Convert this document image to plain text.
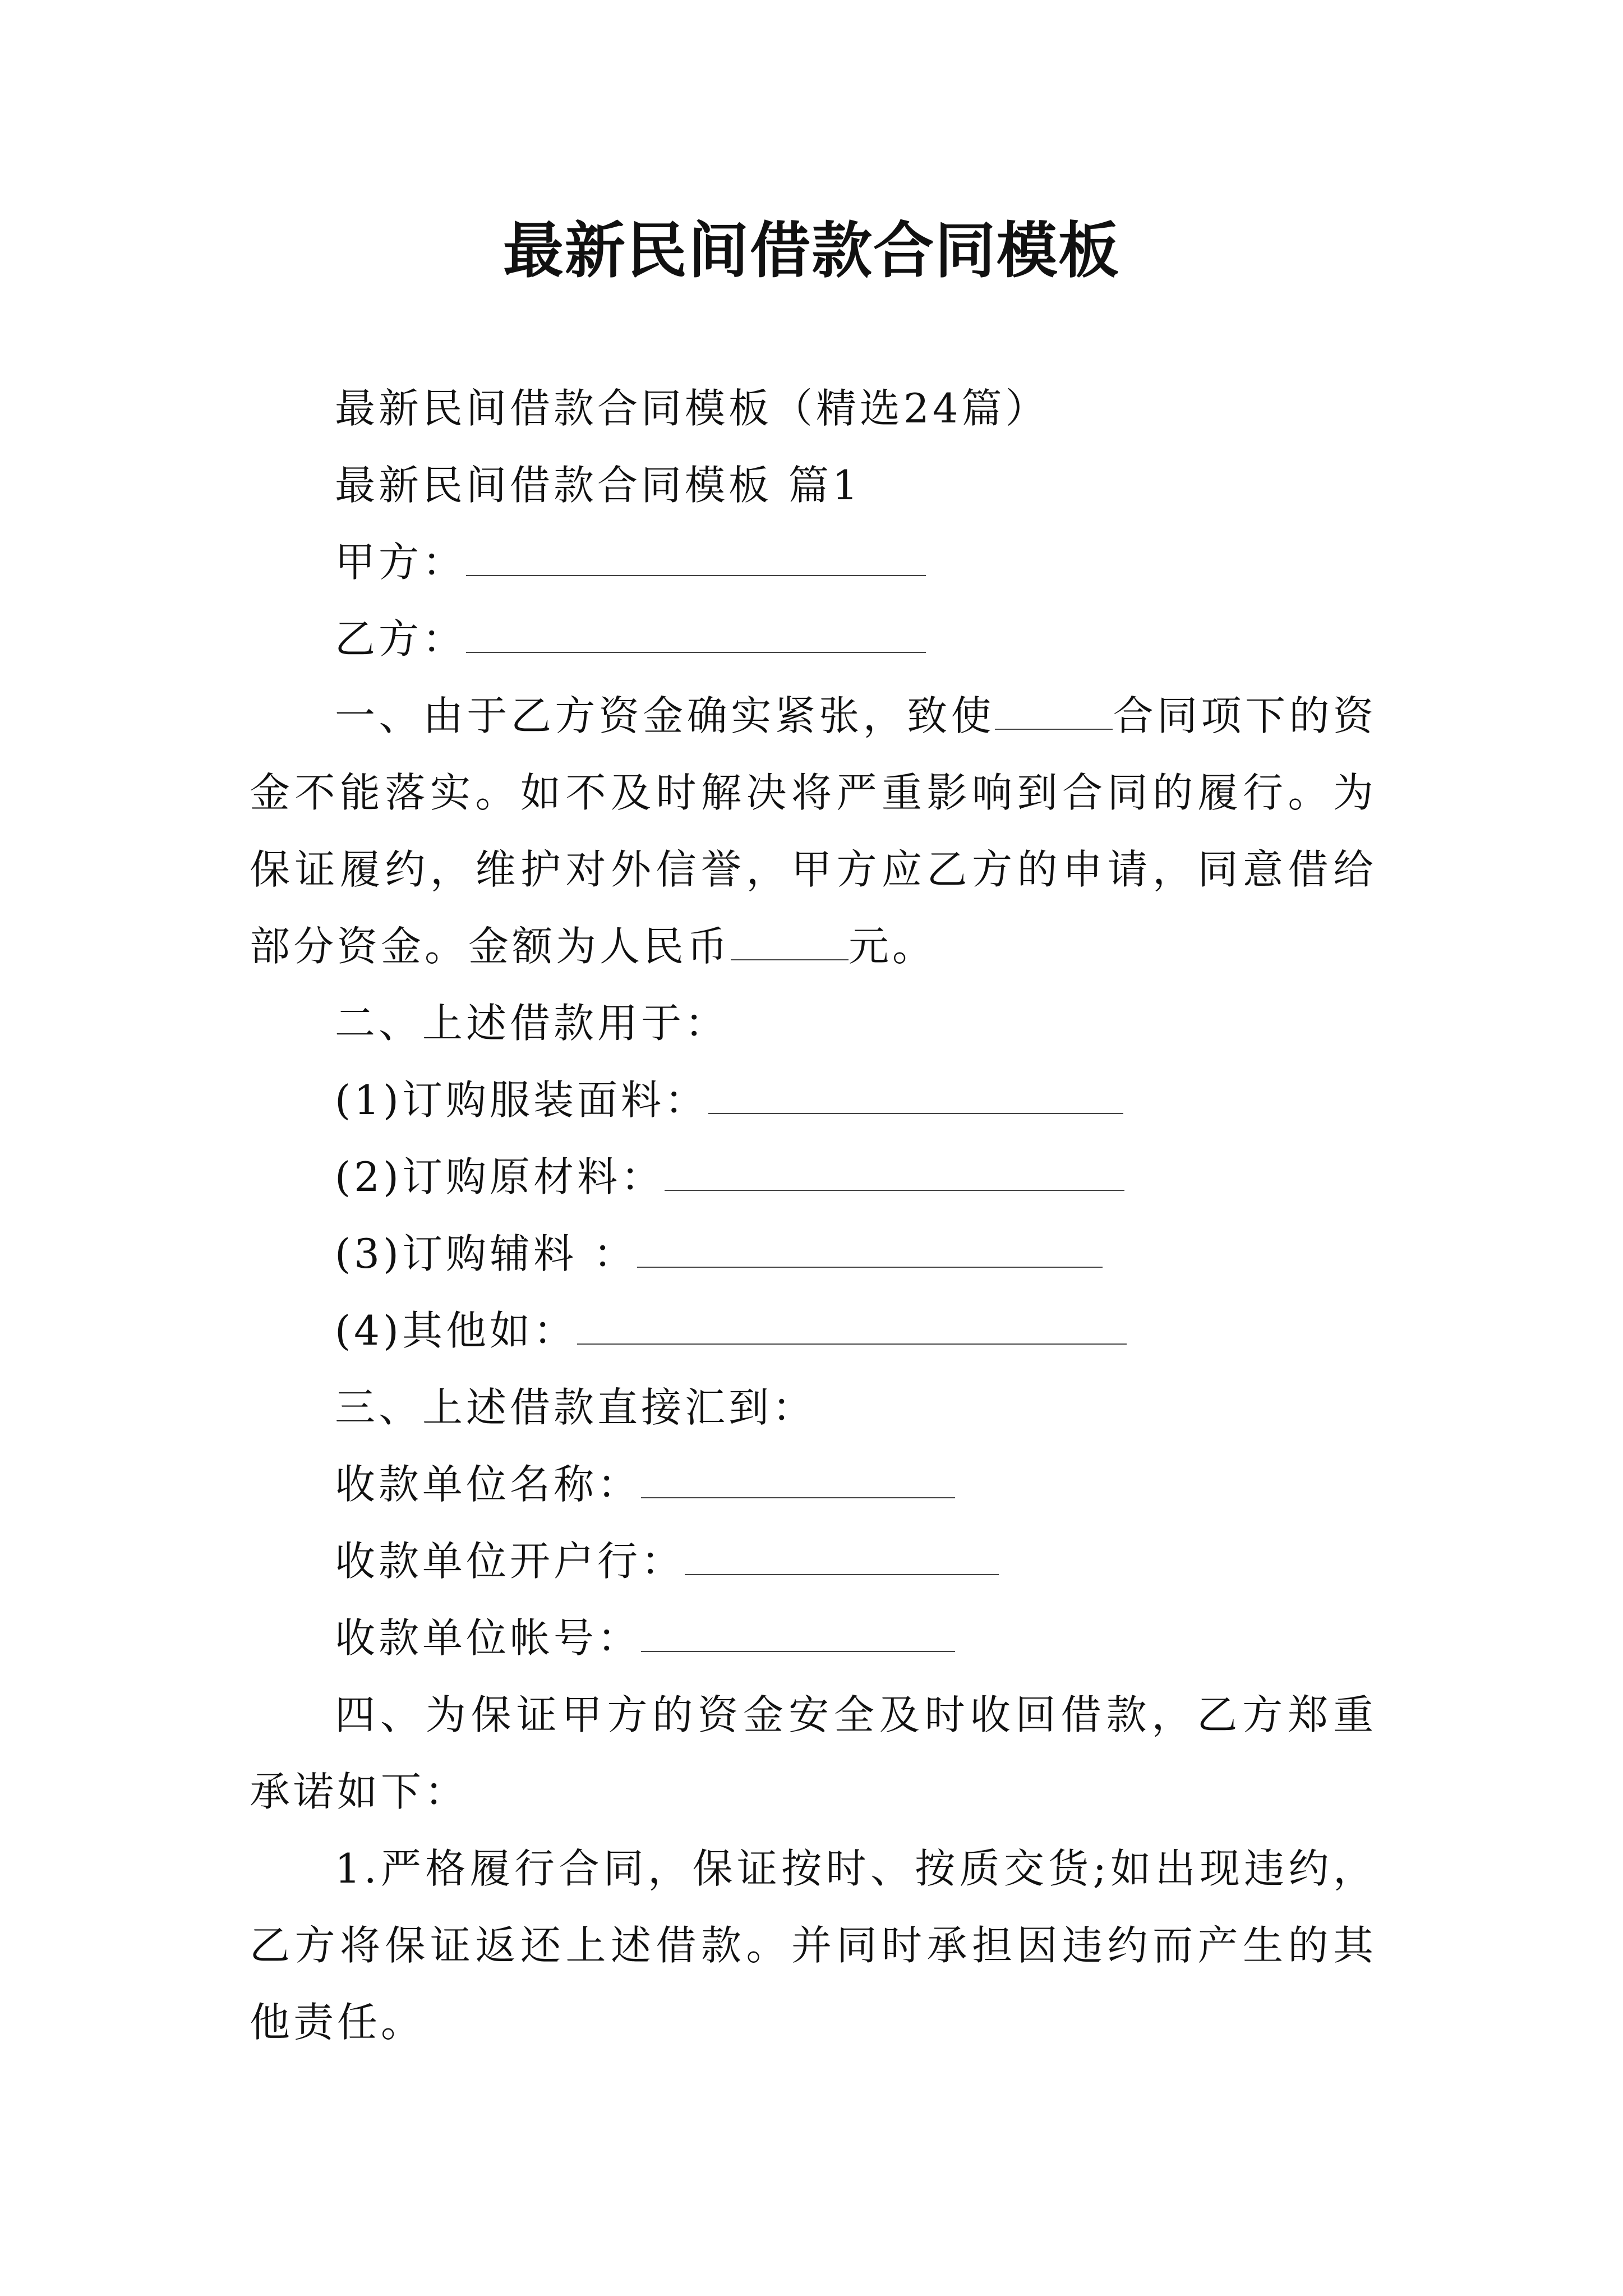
最新民间借款合同模板

最新民间借款合同模板（精选24篇）

最新民间借款合同模板 篇1

甲方：

乙方：

一、由于乙方资金确实紧张，致使	合同项下的资金不能落实。如不及时解决将严重影响到合同的履行。为保证履约，维护对外信誉，甲方应乙方的申请，同意借给部分资金。金额为人民币	元。

二、上述借款用于：

(1)订购服装面料：

(2)订购原材料：

(3)订购辅料 ：

(4)其他如：

三、上述借款直接汇到：

收款单位名称：

收款单位开户行：

收款单位帐号：

四、为保证甲方的资金安全及时收回借款，乙方郑重承诺如下：

1.严格履行合同，保证按时、按质交货;如出现违约，乙方将保证返还上述借款。并同时承担因违约而产生的其他责任。
